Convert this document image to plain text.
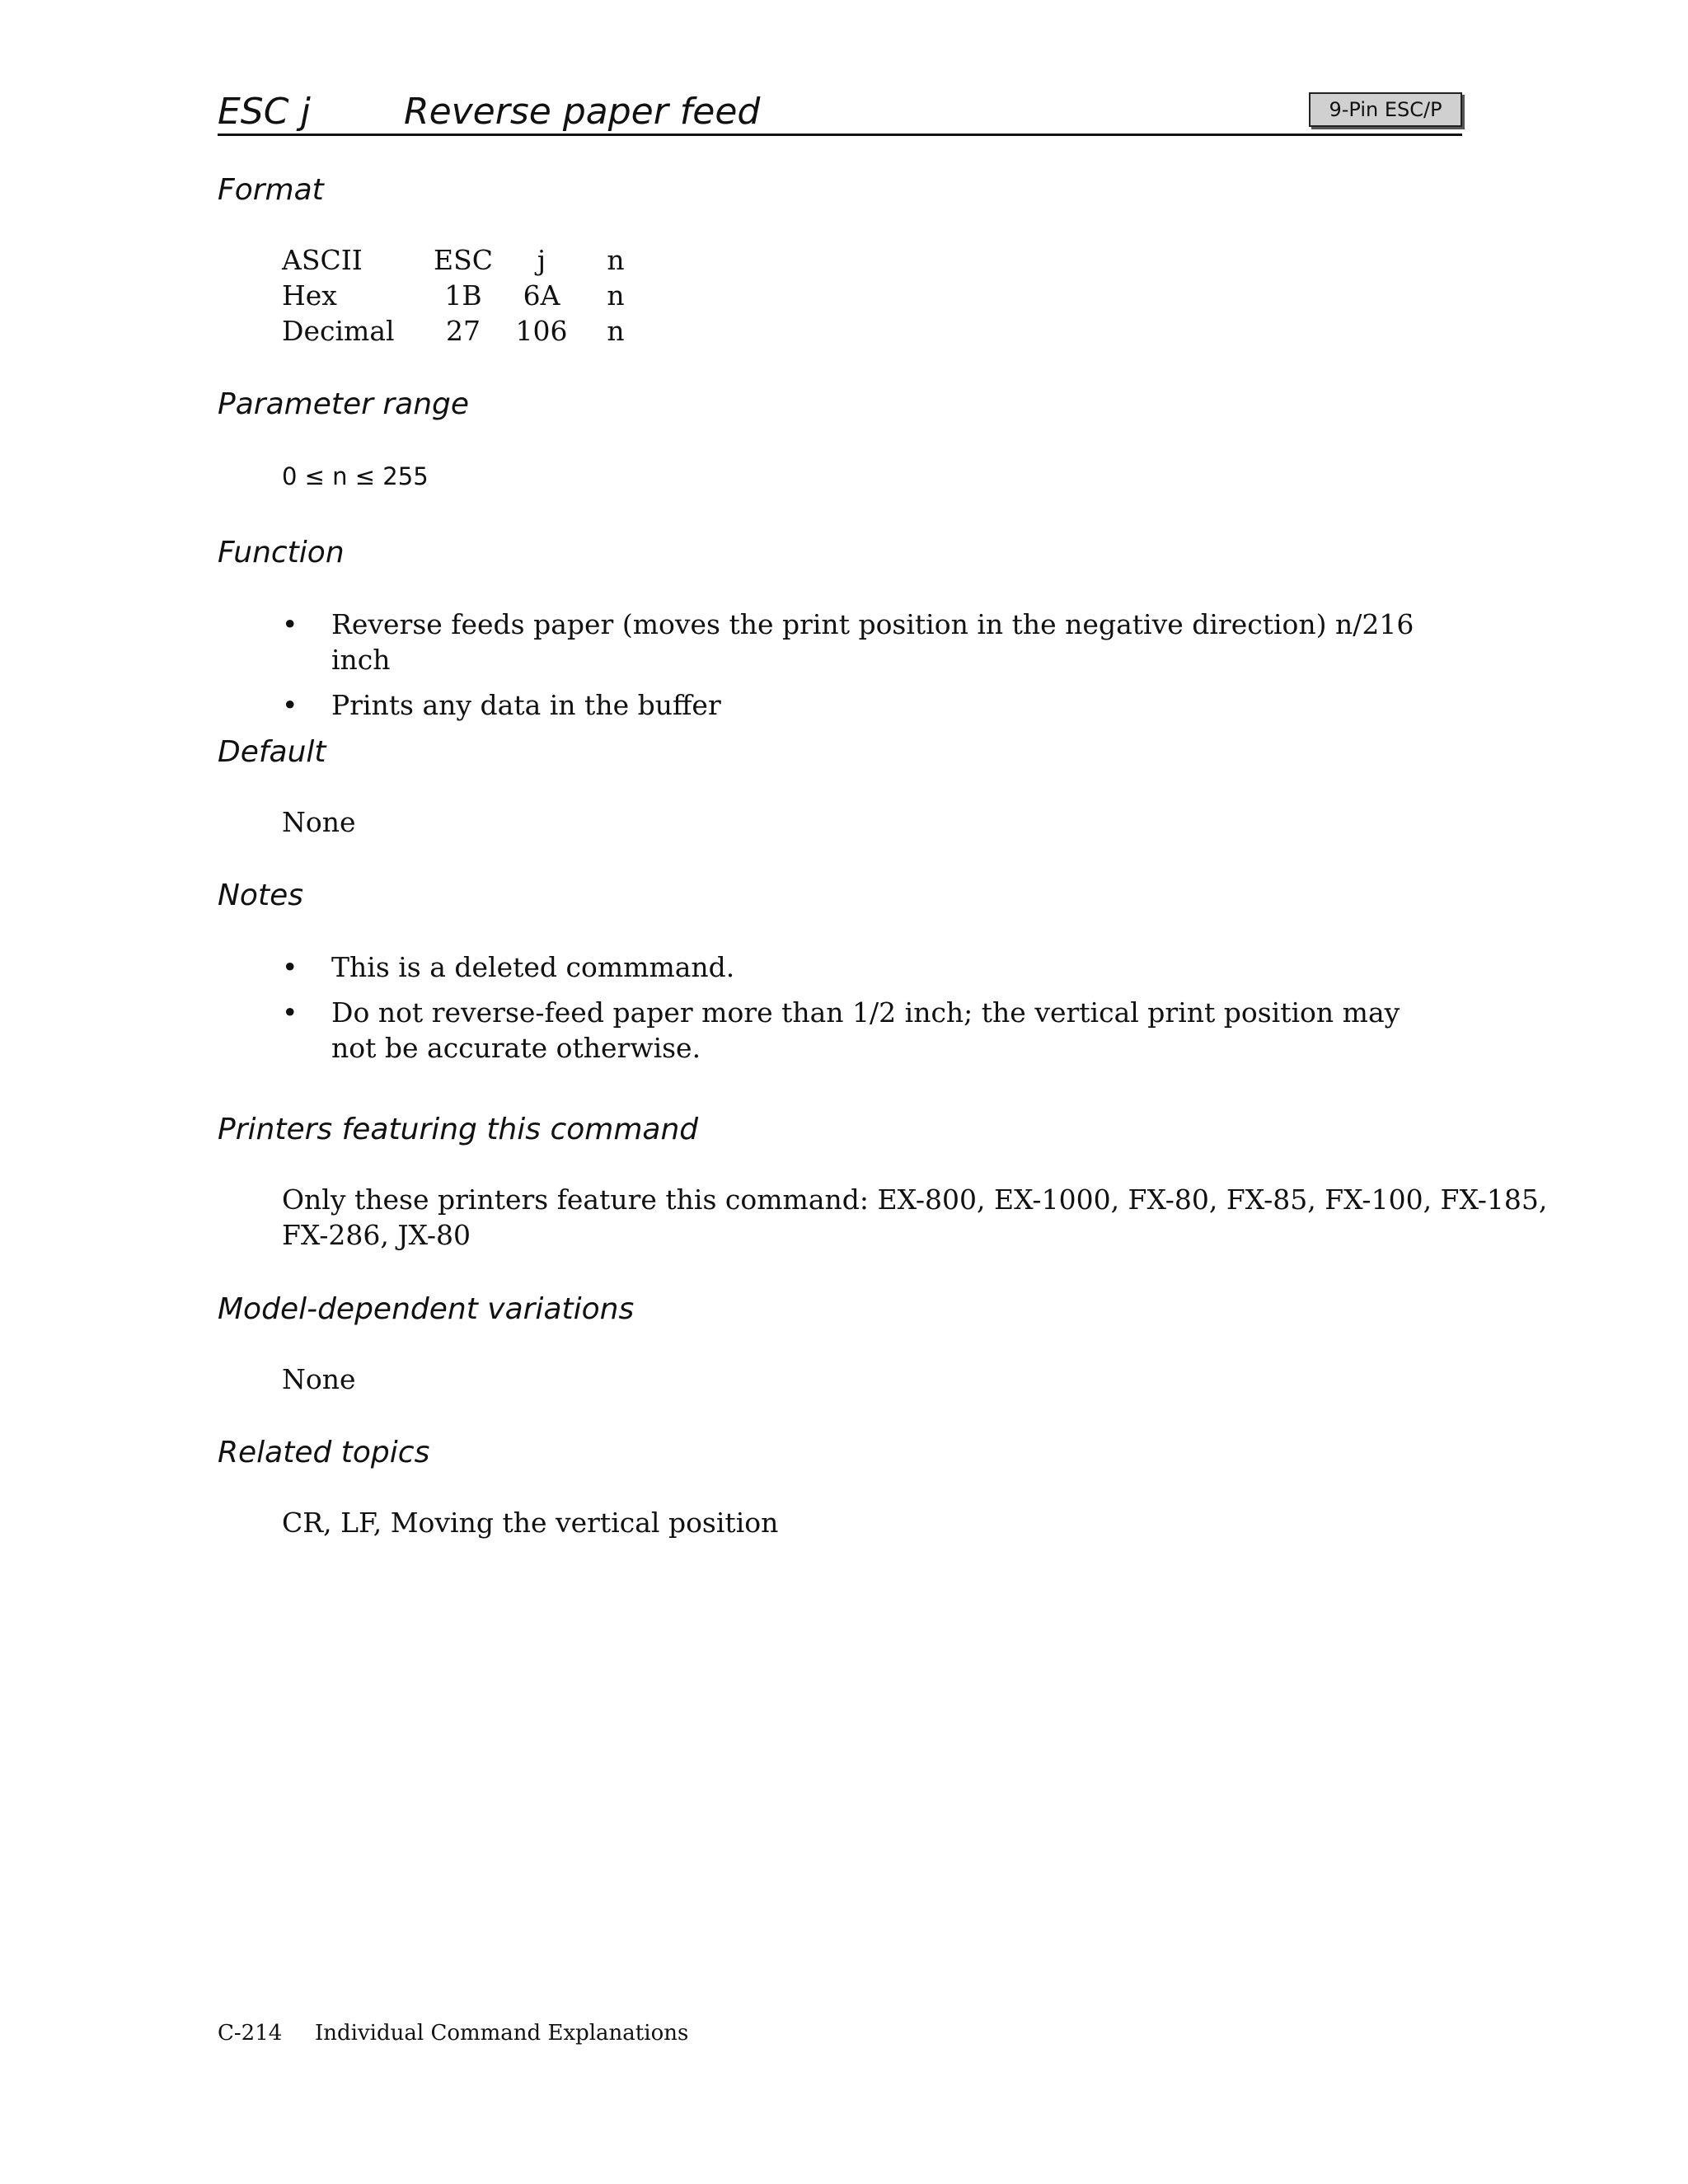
ESC j	Reverse paper feed	9-Pin ESC/P
Format
ASCII	ESC	j	n
Hex	1B	6A	n
Decimal	27	106	n
Parameter range
0 ≤ n ≤ 255
Function
•	Reverse feeds paper (moves the print position in the negative direction) n/216 inch
•	Prints any data in the buffer
Default
None
Notes
•	This is a deleted commmand.
•	Do not reverse-feed paper more than 1/2 inch; the vertical print position may not be accurate otherwise.
Printers featuring this command
Only these printers feature this command: EX-800, EX-1000, FX-80, FX-85, FX-100, FX-185,
FX-286, JX-80
Model-dependent variations
None
Related topics
CR, LF, Moving the vertical position
C-214 Individual Command Explanations
